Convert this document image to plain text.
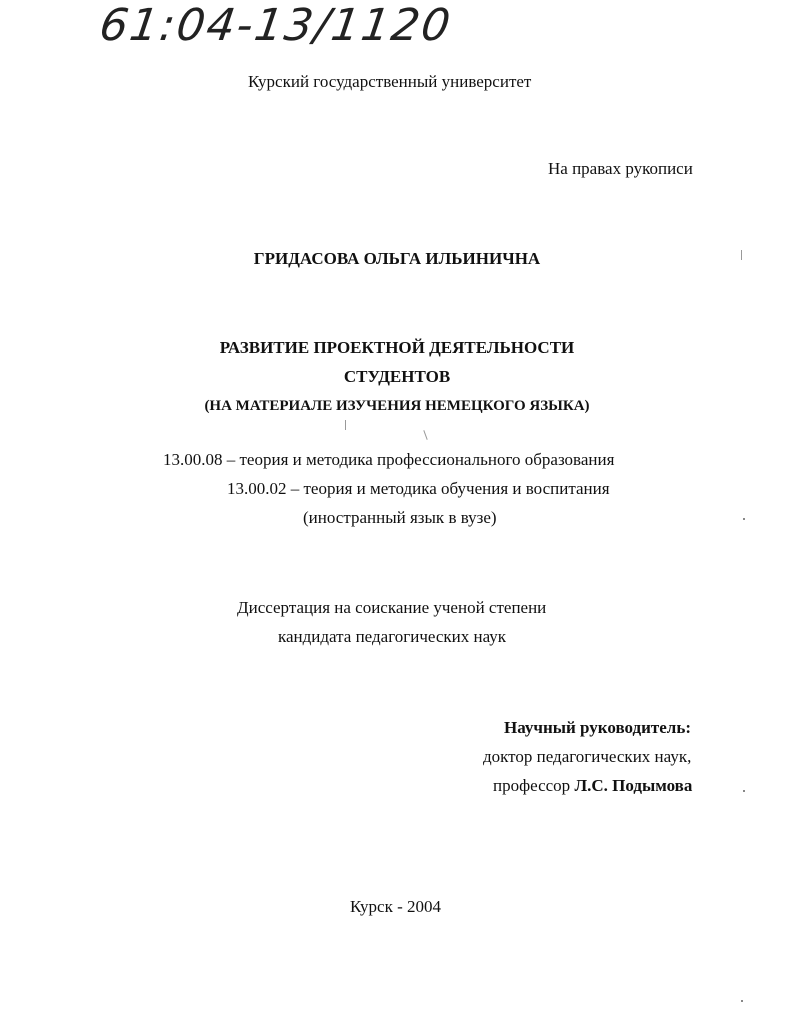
61:04-13/1120
Курский государственный университет
На правах рукописи
ГРИДАСОВА ОЛЬГА ИЛЬИНИЧНА
РАЗВИТИЕ ПРОЕКТНОЙ ДЕЯТЕЛЬНОСТИ
СТУДЕНТОВ
(НА МАТЕРИАЛЕ ИЗУЧЕНИЯ НЕМЕЦКОГО ЯЗЫКА)
13.00.08 – теория и методика профессионального образования
13.00.02 – теория и методика обучения и воспитания
(иностранный язык в вузе)
Диссертация на соискание ученой степени
кандидата педагогических наук
Научный руководитель:
доктор педагогических наук,
профессор Л.С. Подымова
Курск - 2004
